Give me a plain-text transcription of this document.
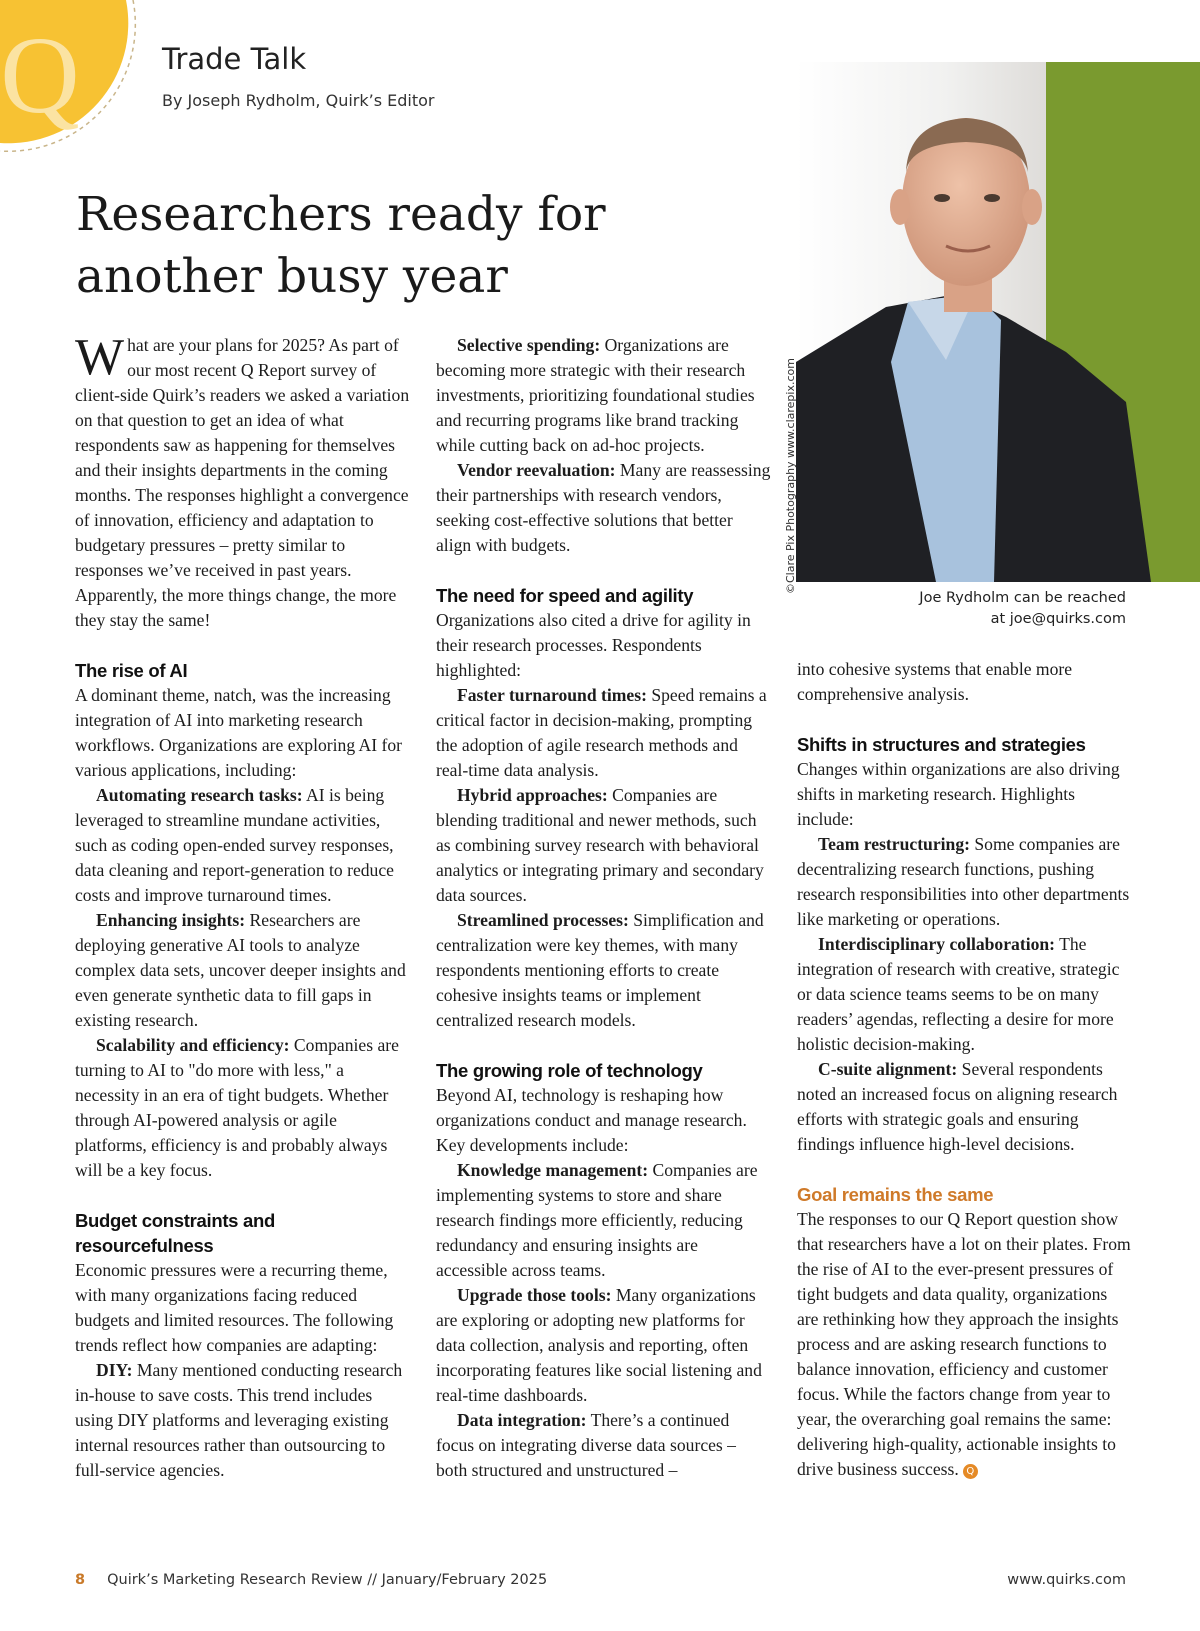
Q	Trade Talk
By Joseph Rydholm, Quirk’s Editor
Researchers ready for
another busy year
©Clare Pix Photography www.clarepix.com
Joe Rydholm can be reached
at joe@quirks.com

What are your plans for 2025? As part of our most recent Q Report survey of client-side Quirk’s readers we asked a variation on that question to get an idea of what respondents saw as happening for themselves and their insights departments in the coming months. The responses highlight a convergence of innovation, efficiency and adaptation to budgetary pressures – pretty similar to responses we’ve received in past years. Apparently, the more things change, the more they stay the same!

The rise of AI

A dominant theme, natch, was the increasing integration of AI into marketing research workflows. Organizations are exploring AI for various applications, including:

Automating research tasks: AI is being leveraged to streamline mundane activities, such as coding open-ended survey responses, data cleaning and report-generation to reduce costs and improve turnaround times.

Enhancing insights: Researchers are deploying generative AI tools to analyze complex data sets, uncover deeper insights and even generate synthetic data to fill gaps in existing research.

Scalability and efficiency: Companies are turning to AI to "do more with less," a necessity in an era of tight budgets. Whether through AI-powered analysis or agile platforms, efficiency is and probably always will be a key focus.

Budget constraints and resourcefulness

Economic pressures were a recurring theme, with many organizations facing reduced budgets and limited resources. The following trends reflect how companies are adapting:

DIY: Many mentioned conducting research in-house to save costs. This trend includes using DIY platforms and leveraging existing internal resources rather than outsourcing to full-service agencies.

Selective spending: Organizations are becoming more strategic with their research investments, prioritizing foundational studies and recurring programs like brand tracking while cutting back on ad-hoc projects.

Vendor reevaluation: Many are reassessing their partnerships with research vendors, seeking cost-effective solutions that better align with budgets.

The need for speed and agility

Organizations also cited a drive for agility in their research processes. Respondents highlighted:

Faster turnaround times: Speed remains a critical factor in decision-making, prompting the adoption of agile research methods and real-time data analysis.

Hybrid approaches: Companies are blending traditional and newer methods, such as combining survey research with behavioral analytics or integrating primary and secondary data sources.

Streamlined processes: Simplification and centralization were key themes, with many respondents mentioning efforts to create cohesive insights teams or implement centralized research models.

The growing role of technology

Beyond AI, technology is reshaping how organizations conduct and manage research. Key developments include:

Knowledge management: Companies are implementing systems to store and share research findings more efficiently, reducing redundancy and ensuring insights are accessible across teams.

Upgrade those tools: Many organizations are exploring or adopting new platforms for data collection, analysis and reporting, often incorporating features like social listening and real-time dashboards.

Data integration: There’s a continued focus on integrating diverse data sources – both structured and unstructured –

into cohesive systems that enable more comprehensive analysis.

Shifts in structures and strategies

Changes within organizations are also driving shifts in marketing research. Highlights include:

Team restructuring: Some companies are decentralizing research functions, pushing research responsibilities into other departments like marketing or operations.

Interdisciplinary collaboration: The integration of research with creative, strategic or data science teams seems to be on many readers’ agendas, reflecting a desire for more holistic decision-making.

C-suite alignment: Several respondents noted an increased focus on aligning research efforts with strategic goals and ensuring findings influence high-level decisions.

Goal remains the same

The responses to our Q Report question show that researchers have a lot on their plates. From the rise of AI to the ever-present pressures of tight budgets and data quality, organizations are rethinking how they approach the insights process and are asking research functions to balance innovation, efficiency and customer focus. While the factors change from year to year, the overarching goal remains the same: delivering high-quality, actionable insights to drive business success. Q

8 Quirk’s Marketing Research Review // January/February 2025	www.quirks.com
